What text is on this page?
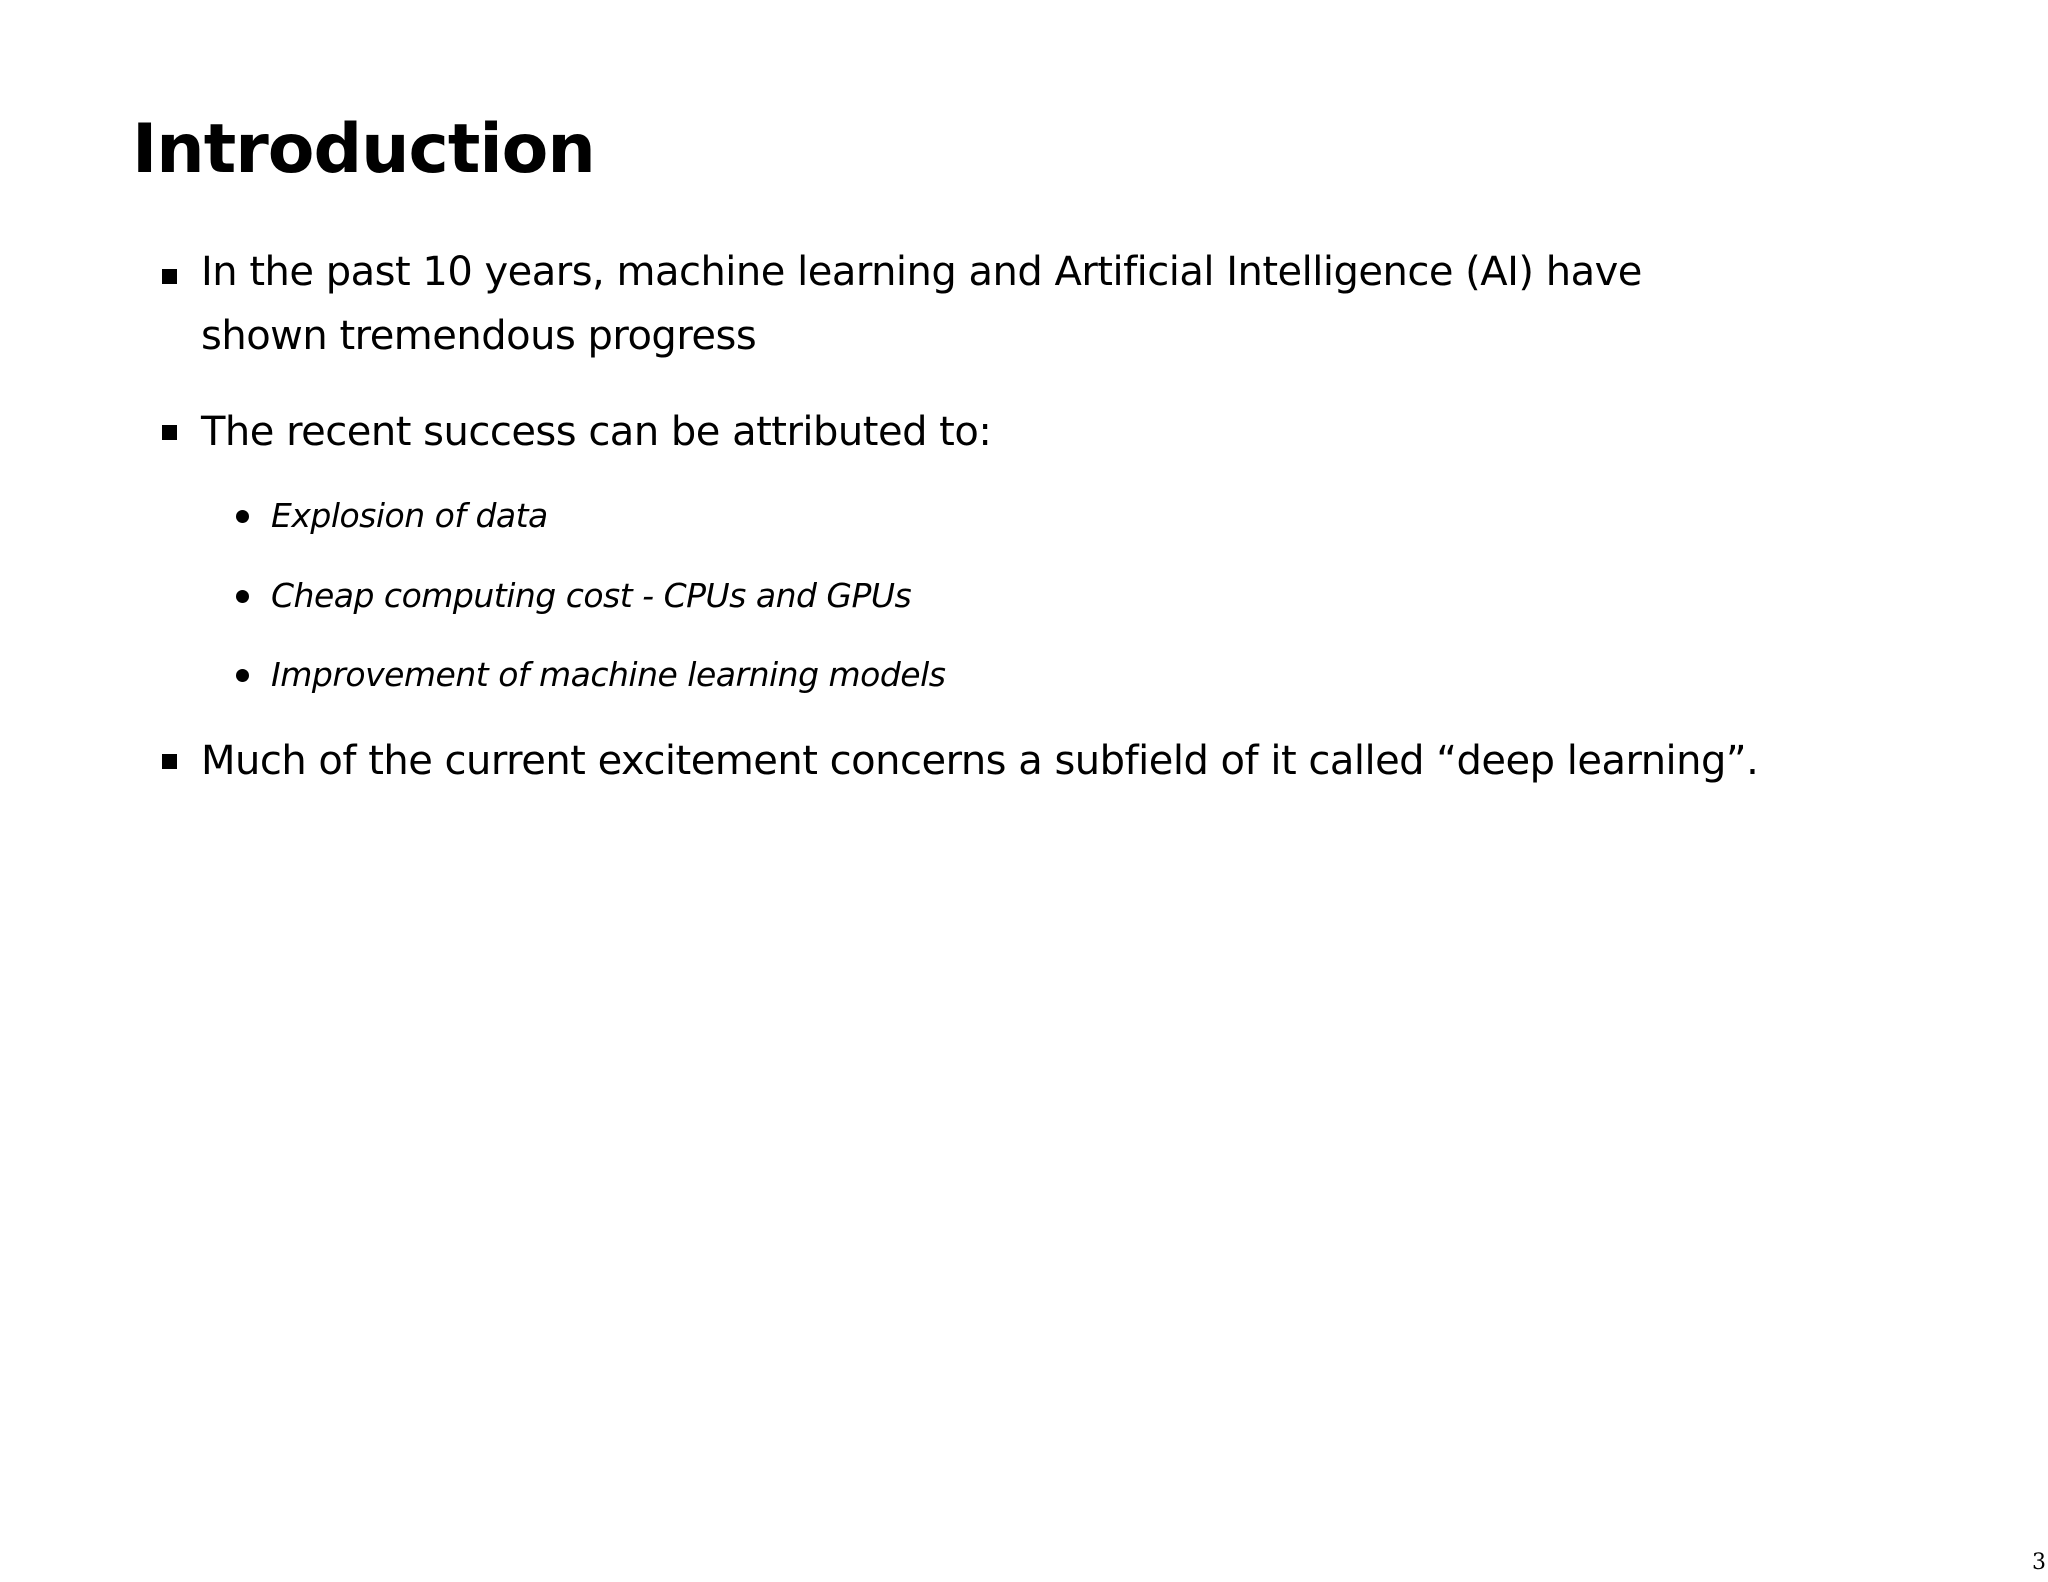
Introduction
In the past 10 years, machine learning and Artificial Intelligence (AI) have shown tremendous progress
The recent success can be attributed to:
Explosion of data
Cheap computing cost - CPUs and GPUs
Improvement of machine learning models
Much of the current excitement concerns a subfield of it called “deep learning”.
3
